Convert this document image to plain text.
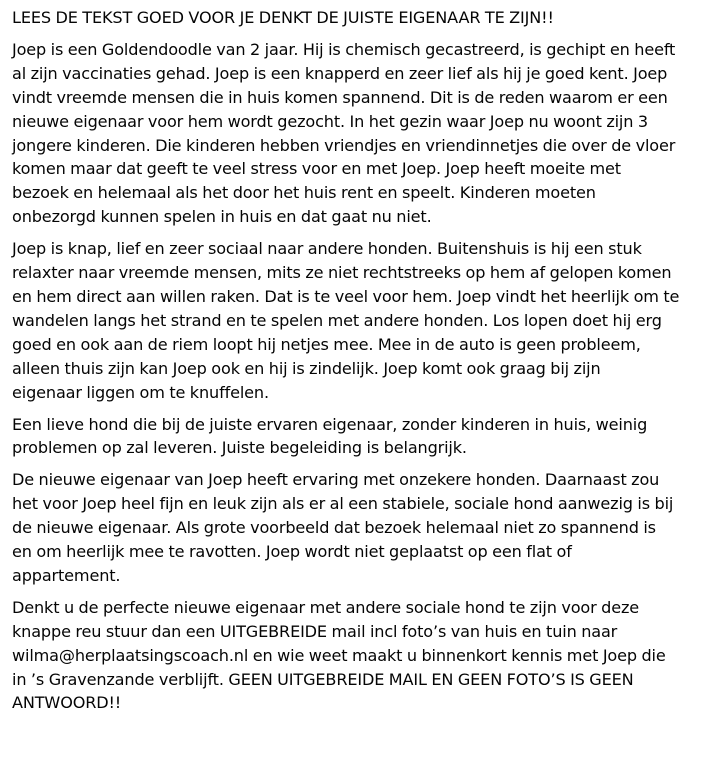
LEES DE TEKST GOED VOOR JE DENKT DE JUISTE EIGENAAR TE ZIJN!!

Joep is een Goldendoodle van 2 jaar. Hij is chemisch gecastreerd, is gechipt en heeft
al zijn vaccinaties gehad. Joep is een knapperd en zeer lief als hij je goed kent. Joep
vindt vreemde mensen die in huis komen spannend. Dit is de reden waarom er een
nieuwe eigenaar voor hem wordt gezocht. In het gezin waar Joep nu woont zijn 3
jongere kinderen. Die kinderen hebben vriendjes en vriendinnetjes die over de vloer
komen maar dat geeft te veel stress voor en met Joep. Joep heeft moeite met
bezoek en helemaal als het door het huis rent en speelt. Kinderen moeten
onbezorgd kunnen spelen in huis en dat gaat nu niet.

Joep is knap, lief en zeer sociaal naar andere honden. Buitenshuis is hij een stuk
relaxter naar vreemde mensen, mits ze niet rechtstreeks op hem af gelopen komen
en hem direct aan willen raken. Dat is te veel voor hem. Joep vindt het heerlijk om te
wandelen langs het strand en te spelen met andere honden. Los lopen doet hij erg
goed en ook aan de riem loopt hij netjes mee. Mee in de auto is geen probleem,
alleen thuis zijn kan Joep ook en hij is zindelijk. Joep komt ook graag bij zijn
eigenaar liggen om te knuffelen.

Een lieve hond die bij de juiste ervaren eigenaar, zonder kinderen in huis, weinig
problemen op zal leveren. Juiste begeleiding is belangrijk.

De nieuwe eigenaar van Joep heeft ervaring met onzekere honden. Daarnaast zou
het voor Joep heel fijn en leuk zijn als er al een stabiele, sociale hond aanwezig is bij
de nieuwe eigenaar. Als grote voorbeeld dat bezoek helemaal niet zo spannend is
en om heerlijk mee te ravotten. Joep wordt niet geplaatst op een flat of
appartement.

Denkt u de perfecte nieuwe eigenaar met andere sociale hond te zijn voor deze
knappe reu stuur dan een UITGEBREIDE mail incl foto’s van huis en tuin naar
wilma@herplaatsingscoach.nl en wie weet maakt u binnenkort kennis met Joep die
in ’s Gravenzande verblijft. GEEN UITGEBREIDE MAIL EN GEEN FOTO’S IS GEEN
ANTWOORD!!
